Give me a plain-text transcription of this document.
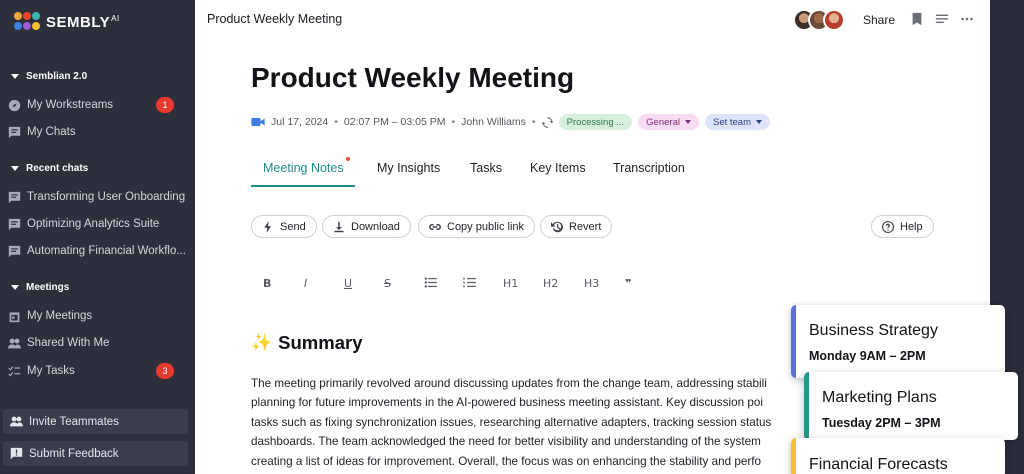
$SEMBLY^{AI}$
Semblian 2.0
My Workstreams	1
My Chats
Recent chats
Transforming User Onboarding
Optimizing Analytics Suite
Automating Financial Workflo...
Meetings
My Meetings
Shared With Me
My Tasks	3
Invite Teammates
Submit Feedback
Product Weekly Meeting	Share
Product Weekly Meeting
Jul 17, 2024 • 02:07 PM – 03:05 PM • John Williams •	Processing ... General	Set team
Meeting Notes	My Insights Tasks Key Items Transcription
Send	Download	Copy public link	Revert	Help
B	I	U	S	H1 H2 H3 ❞
✨ Summary
The meeting primarily revolved around discussing updates from the change team, addressing stabili
planning for future improvements in the AI-powered business meeting assistant. Key discussion poi
tasks such as fixing synchronization issues, researching alternative adapters, tracking session status
dashboards. The team acknowledged the need for better visibility and understanding of the system
creating a list of ideas for improvement. Overall, the focus was on enhancing the stability and perfo
Business Strategy
Monday 9AM – 2PM
Marketing Plans
Tuesday 2PM – 3PM
Financial Forecasts
